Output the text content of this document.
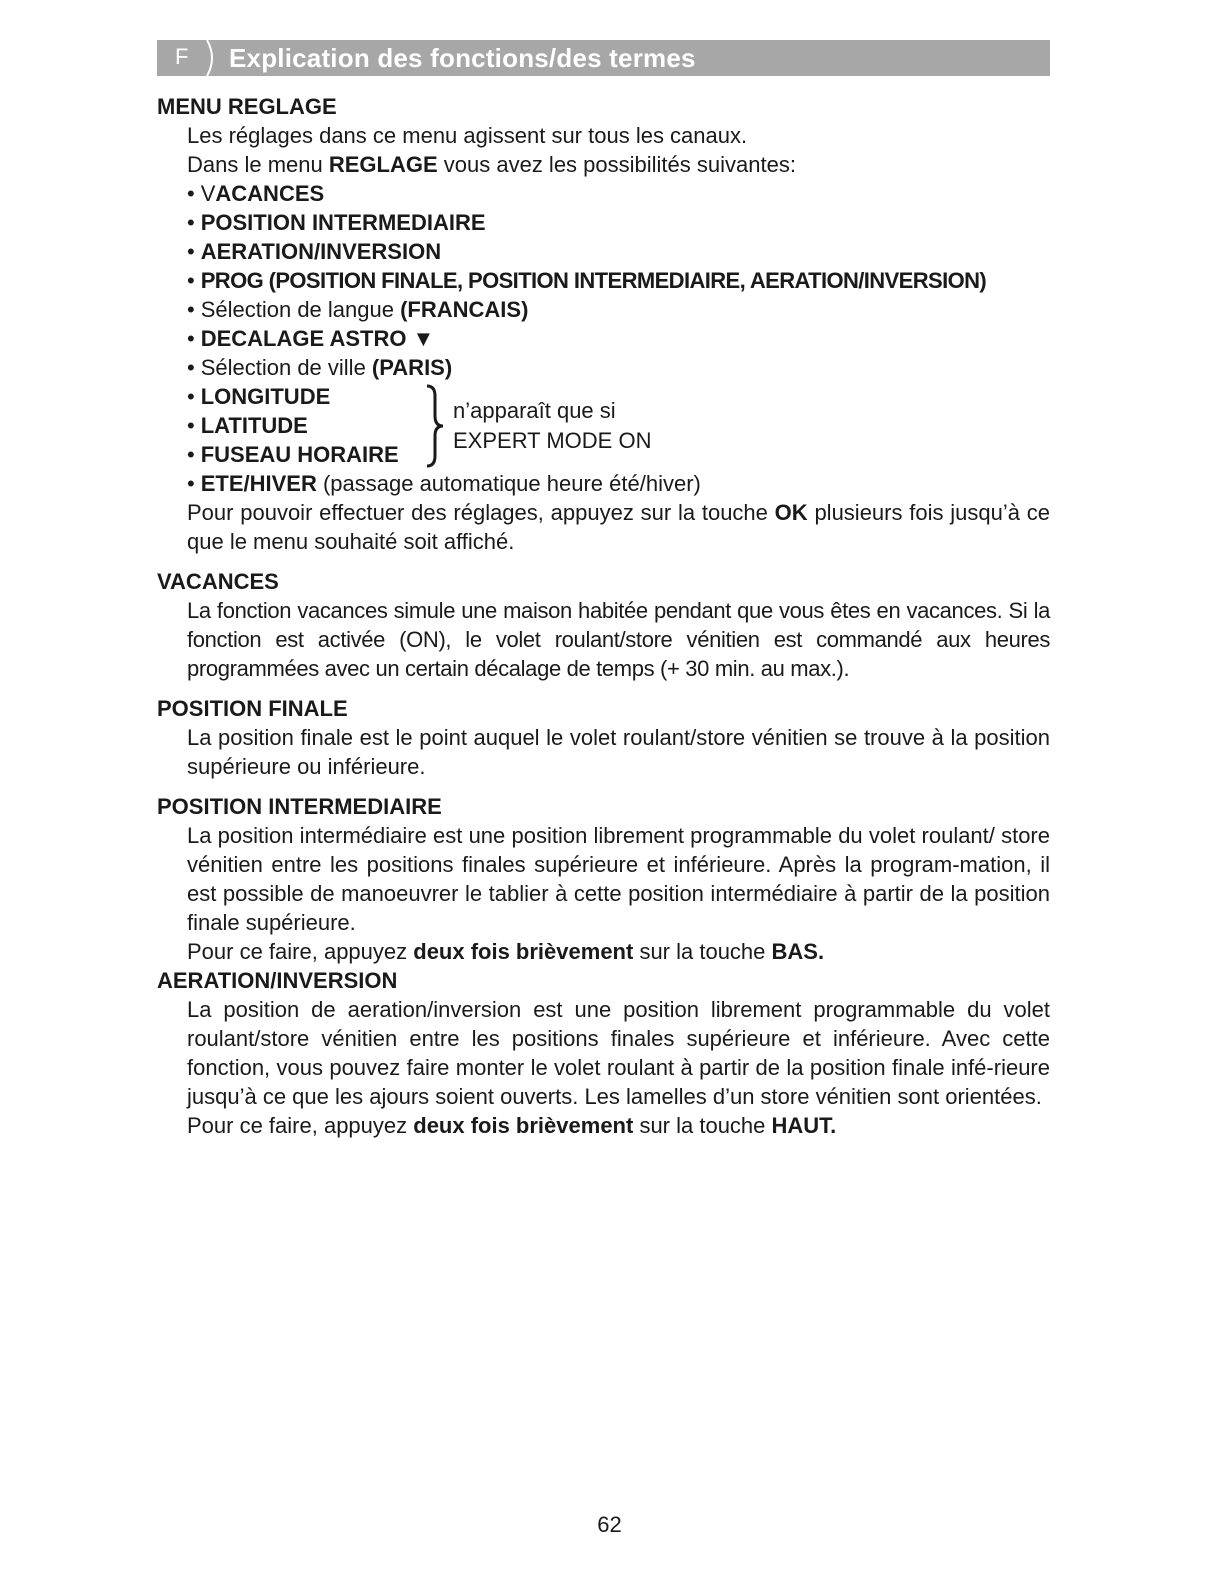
F Explication des fonctions/des termes
MENU REGLAGE

Les réglages dans ce menu agissent sur tous les canaux.

Dans le menu REGLAGE vous avez les possibilités suivantes:

• VACANCES
• POSITION INTERMEDIAIRE
• AERATION/INVERSION
• PROG (POSITION FINALE, POSITION INTERMEDIAIRE, AERATION/INVERSION)
• Sélection de langue (FRANCAIS)
• DECALAGE ASTRO ▼
• Sélection de ville (PARIS)
• LONGITUDE
• LATITUDE
• FUSEAU HORAIRE
n’apparaît que si
EXPERT MODE ON
• ETE/HIVER (passage automatique heure été/hiver)

Pour pouvoir effectuer des réglages, appuyez sur la touche OK plusieurs fois jusqu’à ce que le menu souhaité soit affiché.

VACANCES

La fonction vacances simule une maison habitée pendant que vous êtes en vacances. Si la fonction est activée (ON), le volet roulant/store vénitien est commandé aux heures programmées avec un certain décalage de temps (+ 30 min. au max.).

POSITION FINALE

La position finale est le point auquel le volet roulant/store vénitien se trouve à la position supérieure ou inférieure.

POSITION INTERMEDIAIRE

La position intermédiaire est une position librement programmable du volet roulant/ store vénitien entre les positions finales supérieure et inférieure. Après la program-mation, il est possible de manoeuvrer le tablier à cette position intermédiaire à partir de la position finale supérieure.

Pour ce faire, appuyez deux fois brièvement sur la touche BAS.

AERATION/INVERSION

La position de aeration/inversion est une position librement programmable du volet roulant/store vénitien entre les positions finales supérieure et inférieure. Avec cette fonction, vous pouvez faire monter le volet roulant à partir de la position finale infé-rieure jusqu’à ce que les ajours soient ouverts. Les lamelles d’un store vénitien sont orientées.

Pour ce faire, appuyez deux fois brièvement sur la touche HAUT.

62
